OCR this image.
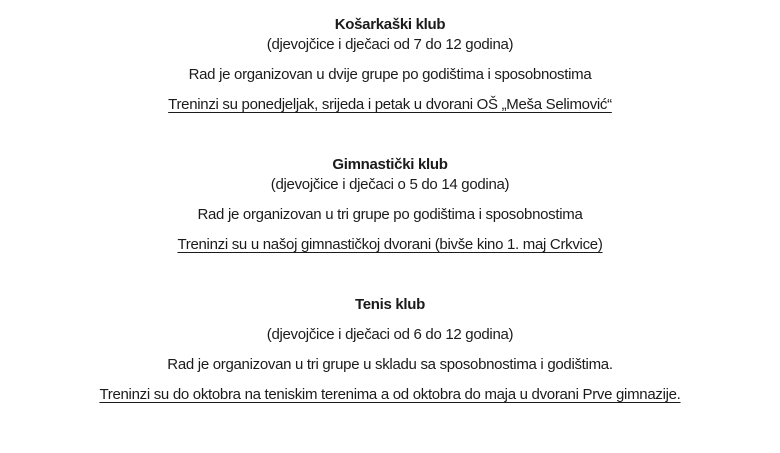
Košarkaški klub
(djevojčice i dječaci od 7 do 12 godina)
Rad je organizovan u dvije grupe po godištima i sposobnostima
Treninzi su ponedjeljak, srijeda i petak u dvorani OŠ „Meša Selimović“
Gimnastički klub
(djevojčice i dječaci o 5 do 14 godina)
Rad je organizovan u tri grupe po godištima i sposobnostima
Treninzi su u našoj gimnastičkoj dvorani (bivše kino 1. maj Crkvice)
Tenis klub
(djevojčice i dječaci od 6 do 12 godina)
Rad je organizovan u tri grupe u skladu sa sposobnostima i godištima.
Treninzi su do oktobra na teniskim terenima a od oktobra do maja u dvorani Prve gimnazije.
